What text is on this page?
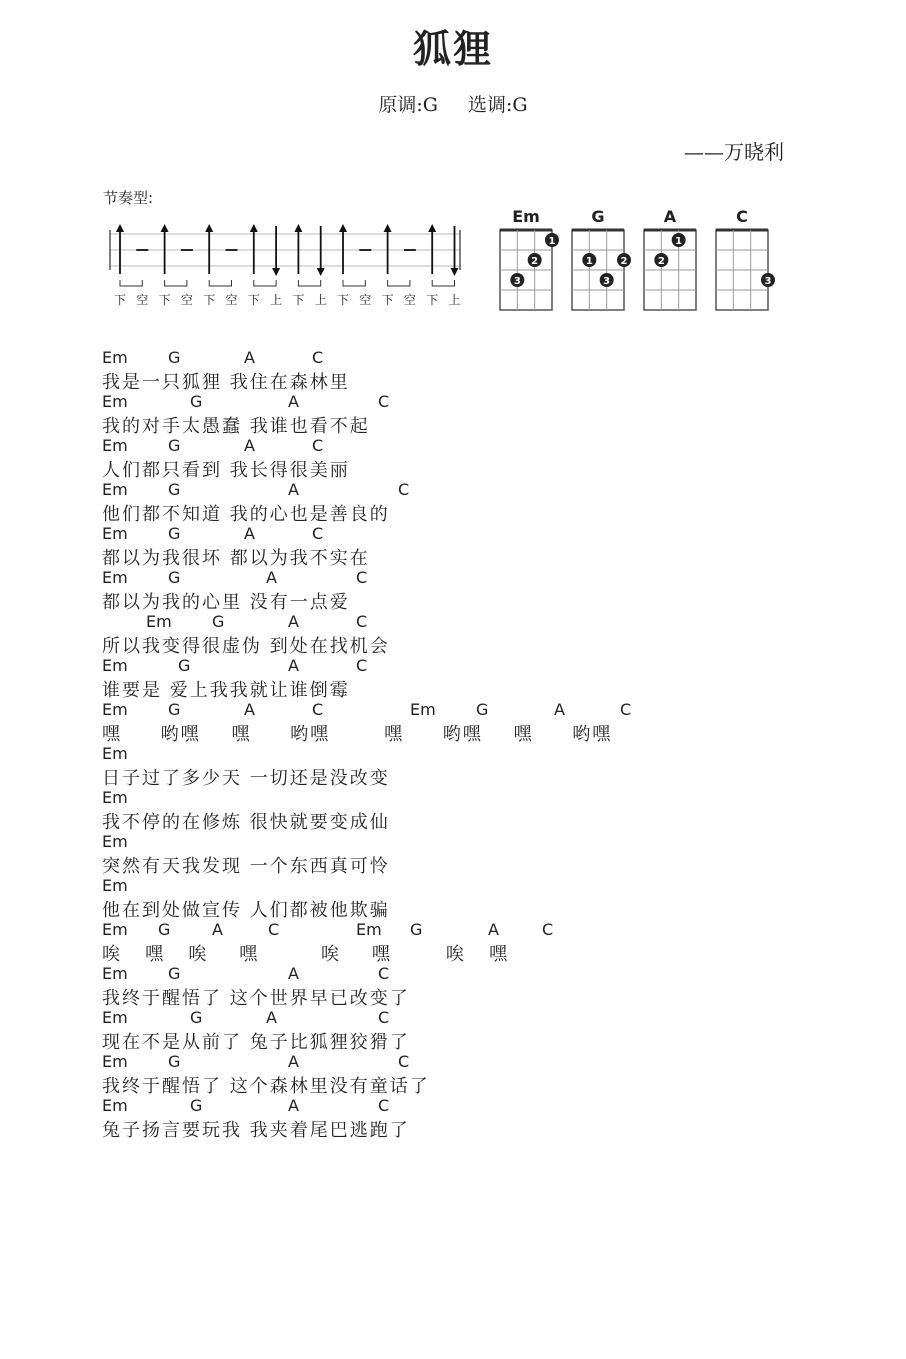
狐狸
原调:G 选调:G
——万晓利
节奏型:
下 空 下 空 下 空 下 上 下 上 下 空 下 空 下 上
Em
1
2
3
G
1
3
2
A
1
2
C
3
Em	G	A	C
我是一只狐狸 我住在森林里
Em	G	A	C
我的对手太愚蠢 我谁也看不起
Em	G	A	C
人们都只看到 我长得很美丽
Em	G	A	C
他们都不知道 我的心也是善良的
Em	G	A	C
都以为我很坏 都以为我不实在
Em	G	A	C
都以为我的心里 没有一点爱
Em	G	A	C
所以我变得很虚伪 到处在找机会
Em	G	A	C
谁要是 爱上我我就让谁倒霉
Em	G	A	C	Em	G	A	C
嘿     哟嘿    嘿     哟嘿       嘿     哟嘿    嘿     哟嘿
Em
日子过了多少天 一切还是没改变
Em
我不停的在修炼 很快就要变成仙
Em
突然有天我发现 一个东西真可怜
Em
他在到处做宣传 人们都被他欺骗
Em G	A	C	Em G	A	C
唉   嘿   唉    嘿        唉    嘿       唉   嘿
Em	G	A	C
我终于醒悟了 这个世界早已改变了
Em	G	A	C
现在不是从前了 兔子比狐狸狡猾了
Em	G	A	C
我终于醒悟了 这个森林里没有童话了
Em	G	A	C
兔子扬言要玩我 我夹着尾巴逃跑了
